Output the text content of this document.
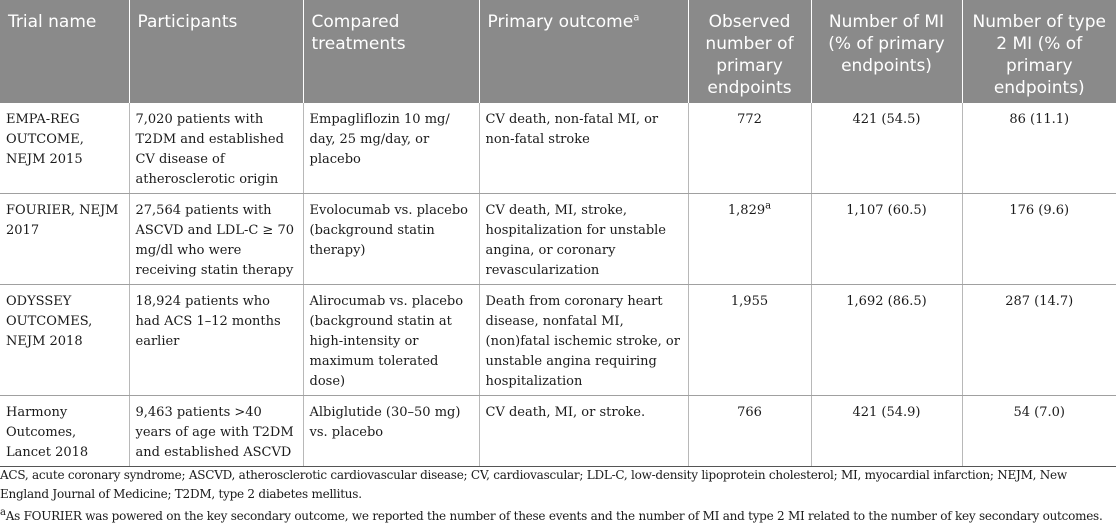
Trial name	Participants	Compared treatments	Primary outcome$^a$	Observed number of primary endpoints	Number of MI (% of primary endpoints)	Number of type 2 MI (% of primary endpoints)
EMPA-REG OUTCOME, NEJM 2015	7,020 patients with T2DM and established CV disease of atherosclerotic origin	Empagliflozin 10 mg/ day, 25 mg/day, or placebo	CV death, non-fatal MI, or non-fatal stroke	772	421 (54.5)	86 (11.1)
FOURIER, NEJM 2017	27,564 patients with ASCVD and LDL-C ≥ 70 mg/dl who were receiving statin therapy	Evolocumab vs. placebo (background statin therapy)	CV death, MI, stroke, hospitalization for unstable angina, or coronary revascularization	1,829$^a$	1,107 (60.5)	176 (9.6)
ODYSSEY OUTCOMES, NEJM 2018	18,924 patients who had ACS 1–12 months earlier	Alirocumab vs. placebo (background statin at high-intensity or maximum tolerated dose)	Death from coronary heart disease, nonfatal MI, (non)fatal ischemic stroke, or unstable angina requiring hospitalization	1,955	1,692 (86.5)	287 (14.7)
Harmony Outcomes, Lancet 2018	9,463 patients >40 years of age with T2DM and established ASCVD	Albiglutide (30–50 mg) vs. placebo	CV death, MI, or stroke.	766	421 (54.9)	54 (7.0)

ACS, acute coronary syndrome; ASCVD, atherosclerotic cardiovascular disease; CV, cardiovascular; LDL-C, low-density lipoprotein cholesterol; MI, myocardial infarction; NEJM, New England Journal of Medicine; T2DM, type 2 diabetes mellitus.

$^a$As FOURIER was powered on the key secondary outcome, we reported the number of these events and the number of MI and type 2 MI related to the number of key secondary outcomes.
